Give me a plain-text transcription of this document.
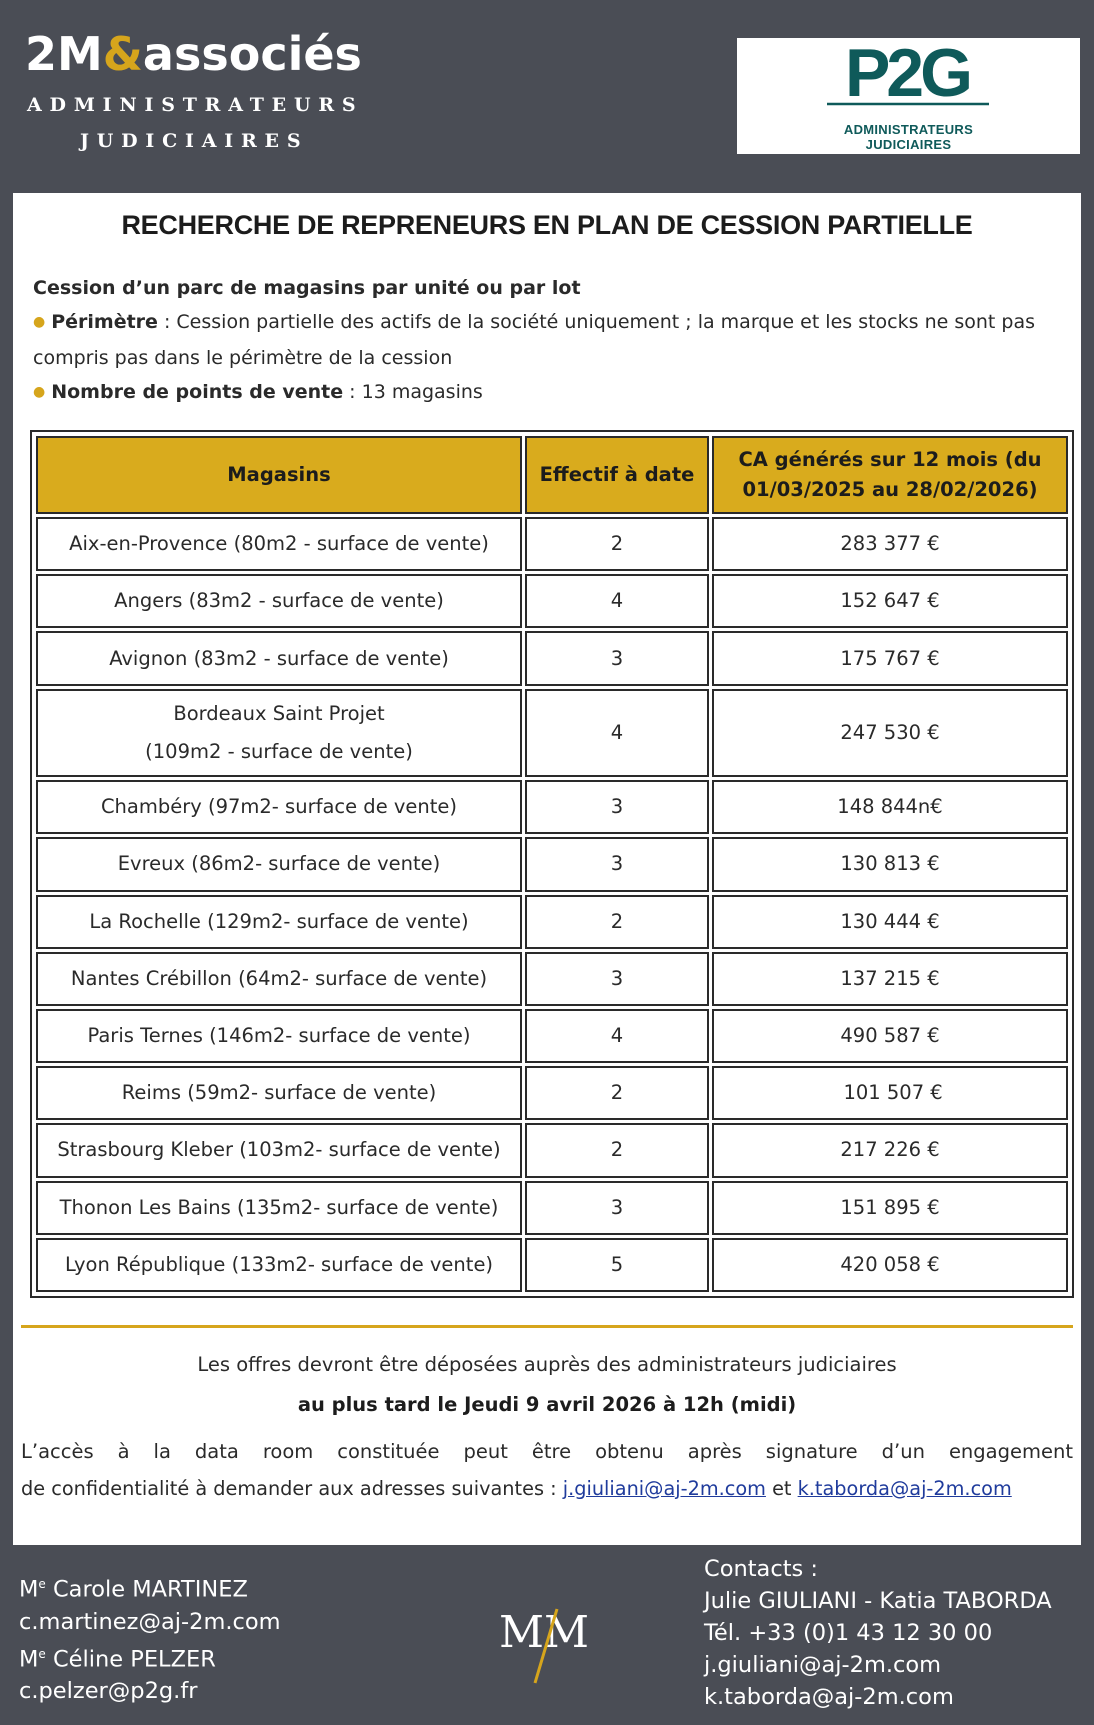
2M&associés
ADMINISTRATEURS
JUDICIAIRES
P2G
ADMINISTRATEURS
JUDICIAIRES
RECHERCHE DE REPRENEURS EN PLAN DE CESSION PARTIELLE
Cession d’un parc de magasins par unité ou par lot
● Périmètre : Cession partielle des actifs de la société uniquement ; la marque et les stocks ne sont pas compris pas dans le périmètre de la cession
● Nombre de points de vente : 13 magasins
Magasins	Effectif à date	CA générés sur 12 mois (du 01/03/2025 au 28/02/2026)

Aix-en-Provence (80m2 - surface de vente)	2	283 377 €

Angers (83m2 - surface de vente)	4	152 647 €

Avignon (83m2 - surface de vente)	3	175 767 €

Bordeaux Saint Projet
(109m2 - surface de vente)	4	247 530 €

Chambéry (97m2- surface de vente)	3	148 844n€

Evreux (86m2- surface de vente)	3	130 813 €

La Rochelle (129m2- surface de vente)	2	130 444 €

Nantes Crébillon (64m2- surface de vente)	3	137 215 €

Paris Ternes (146m2- surface de vente)	4	490 587 €

Reims (59m2- surface de vente)	2	101 507 €

Strasbourg Kleber (103m2- surface de vente)	2	217 226 €

Thonon Les Bains (135m2- surface de vente)	3	151 895 €

Lyon République (133m2- surface de vente)	5	420 058 €
Les offres devront être déposées auprès des administrateurs judiciaires
au plus tard le Jeudi 9 avril 2026 à 12h (midi)
L’accès à la data room constituée peut être obtenu après signature d’un engagement
de confidentialité à demander aux adresses suivantes : j.giuliani@aj-2m.com et k.taborda@aj-2m.com
Me Carole MARTINEZ
c.martinez@aj-2m.com
Me Céline PELZER
c.pelzer@p2g.fr
MM
Contacts :
Julie GIULIANI - Katia TABORDA
Tél. +33 (0)1 43 12 30 00
j.giuliani@aj-2m.com
k.taborda@aj-2m.com
